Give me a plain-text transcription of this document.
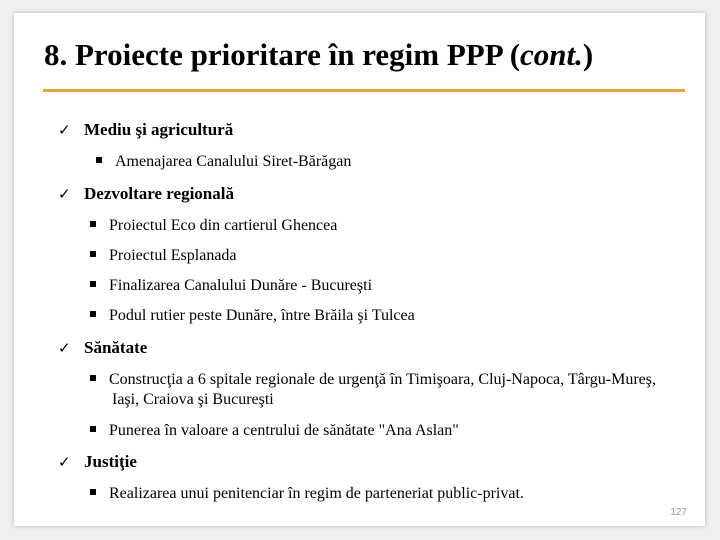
8. Proiecte prioritare în regim PPP (cont.)
✓ Mediu şi agricultură
Amenajarea Canalului Siret-Bărăgan
✓ Dezvoltare regională
Proiectul Eco din cartierul Ghencea
Proiectul Esplanada
Finalizarea Canalului Dunăre - Bucureşti
Podul rutier peste Dunăre, între Brăila şi Tulcea
✓ Sănătate
Construcţia a 6 spitale regionale de urgenţă în Timişoara, Cluj-Napoca, Târgu-Mureş, Iaşi, Craiova şi Bucureşti
Punerea în valoare a centrului de sănătate "Ana Aslan"
✓ Justiţie
Realizarea unui penitenciar în regim de parteneriat public-privat.
127
